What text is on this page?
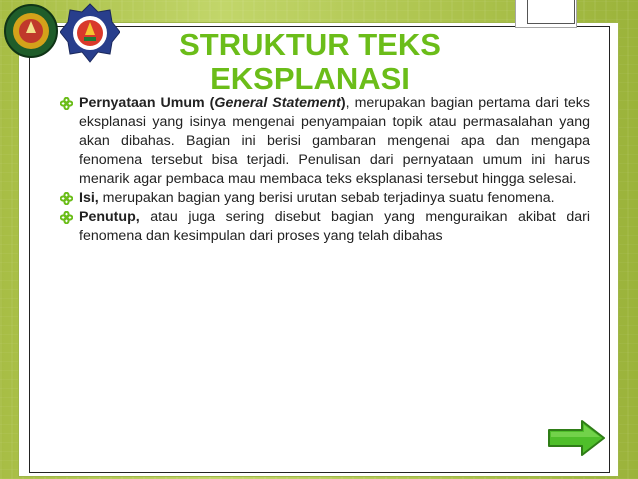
STRUKTUR TEKS
EKSPLANASI

Pernyataan Umum (General Statement), merupakan bagian pertama dari teks eksplanasi yang isinya mengenai penyampaian topik atau permasalahan yang akan dibahas. Bagian ini berisi gambaran mengenai apa dan mengapa fenomena tersebut bisa terjadi. Penulisan dari pernyataan umum ini harus menarik agar pembaca mau membaca teks eksplanasi tersebut hingga selesai.

Isi, merupakan bagian yang berisi urutan sebab terjadinya suatu fenomena.

Penutup, atau juga sering disebut bagian yang menguraikan akibat dari fenomena dan kesimpulan dari proses yang telah dibahas
